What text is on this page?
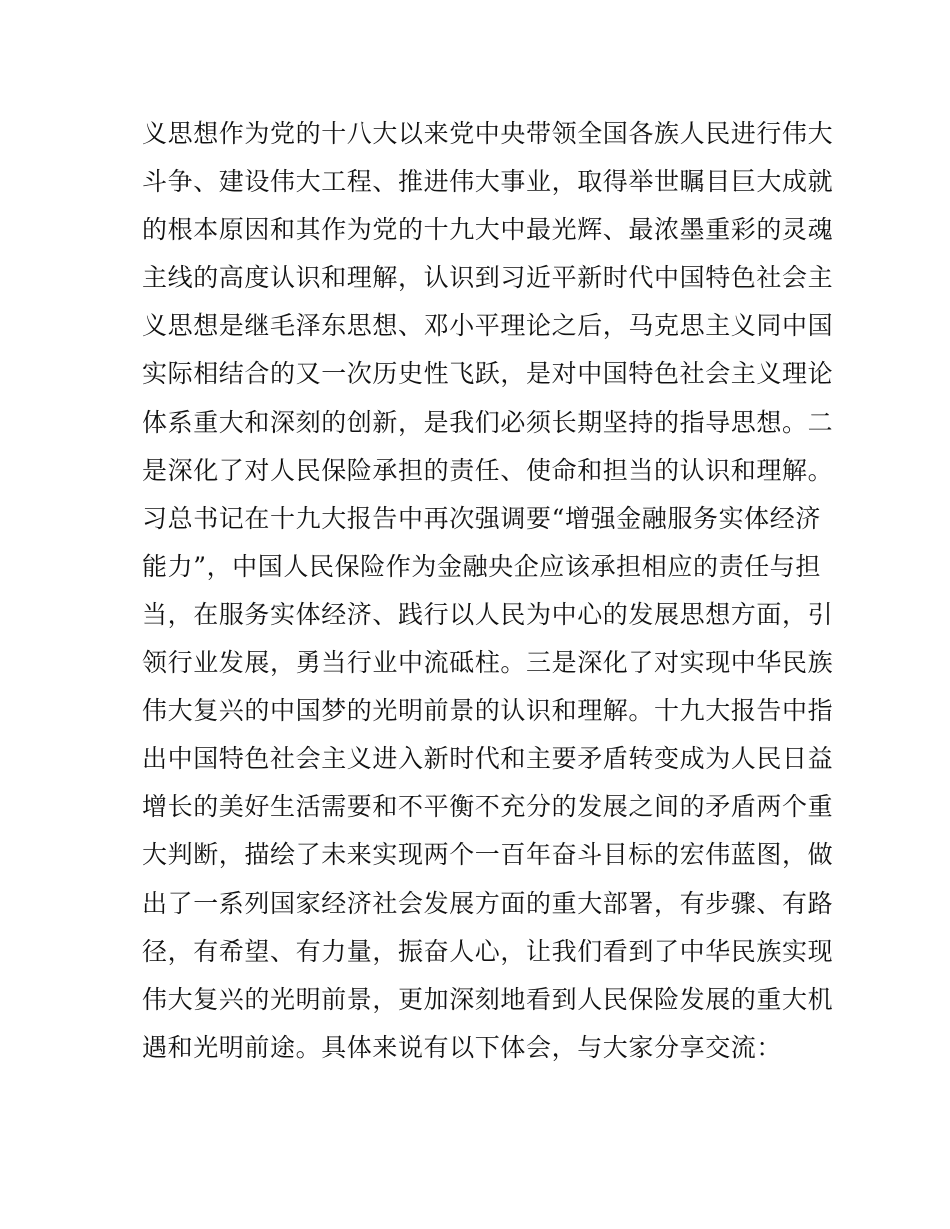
义思想作为党的十八大以来党中央带领全国各族人民进行伟大
斗争、建设伟大工程、推进伟大事业，取得举世瞩目巨大成就
的根本原因和其作为党的十九大中最光辉、最浓墨重彩的灵魂
主线的高度认识和理解，认识到习近平新时代中国特色社会主
义思想是继毛泽东思想、邓小平理论之后，马克思主义同中国
实际相结合的又一次历史性飞跃，是对中国特色社会主义理论
体系重大和深刻的创新，是我们必须长期坚持的指导思想。二
是深化了对人民保险承担的责任、使命和担当的认识和理解。
习总书记在十九大报告中再次强调要“增强金融服务实体经济
能力”，中国人民保险作为金融央企应该承担相应的责任与担
当，在服务实体经济、践行以人民为中心的发展思想方面，引
领行业发展，勇当行业中流砥柱。三是深化了对实现中华民族
伟大复兴的中国梦的光明前景的认识和理解。十九大报告中指
出中国特色社会主义进入新时代和主要矛盾转变成为人民日益
增长的美好生活需要和不平衡不充分的发展之间的矛盾两个重
大判断，描绘了未来实现两个一百年奋斗目标的宏伟蓝图，做
出了一系列国家经济社会发展方面的重大部署，有步骤、有路
径，有希望、有力量，振奋人心，让我们看到了中华民族实现
伟大复兴的光明前景，更加深刻地看到人民保险发展的重大机
遇和光明前途。具体来说有以下体会，与大家分享交流：
